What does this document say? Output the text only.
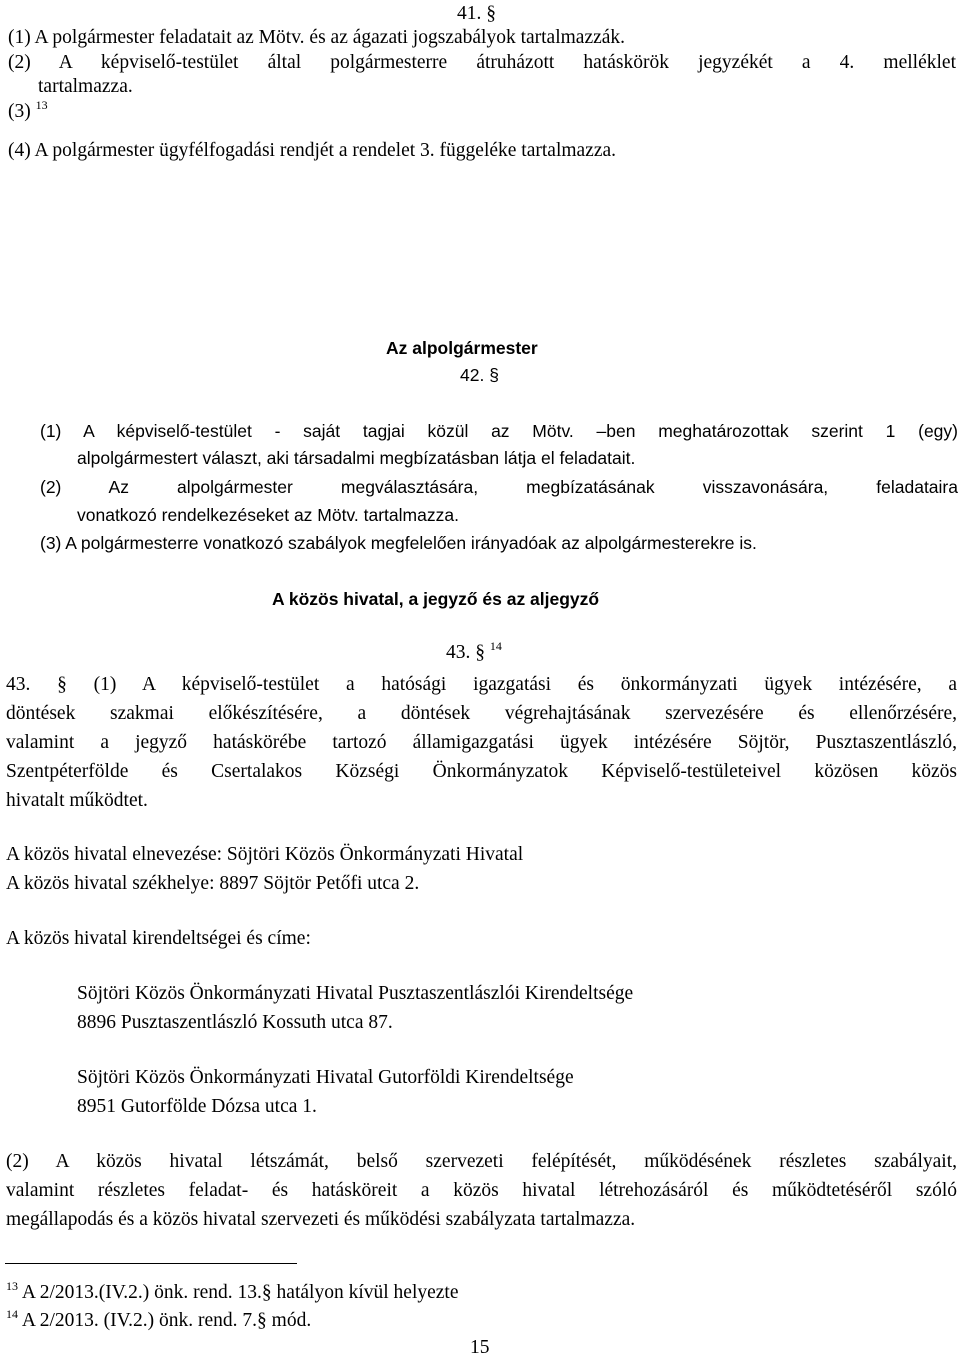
41. §
(1) A polgármester feladatait az Mötv. és az ágazati jogszabályok tartalmazzák.
(2) A képviselő-testület által polgármesterre átruházott hatáskörök jegyzékét a 4. melléklet
tartalmazza.
(3) $^{13}$
(4) A polgármester ügyfélfogadási rendjét a rendelet 3. függeléke tartalmazza.
Az alpolgármester
42. §
(1) A képviselő-testület - saját tagjai közül az Mötv. –ben meghatározottak szerint 1 (egy)
alpolgármestert választ, aki társadalmi megbízatásban látja el feladatait.
(2) Az alpolgármester megválasztására, megbízatásának visszavonására, feladataira
vonatkozó rendelkezéseket az Mötv. tartalmazza.
(3) A polgármesterre vonatkozó szabályok megfelelően irányadóak az alpolgármesterekre is.
A közös hivatal, a jegyző és az aljegyző
43. § $^{14}$
43. § (1) A képviselő-testület a hatósági igazgatási és önkormányzati ügyek intézésére, a
döntések szakmai előkészítésére, a döntések végrehajtásának szervezésére és ellenőrzésére,
valamint a jegyző hatáskörébe tartozó államigazgatási ügyek intézésére Söjtör, Pusztaszentlászló,
Szentpéterfölde és Csertalakos Községi Önkormányzatok Képviselő-testületeivel közösen közös
hivatalt működtet.
A közös hivatal elnevezése: Söjtöri Közös Önkormányzati Hivatal
A közös hivatal székhelye: 8897 Söjtör Petőfi utca 2.
A közös hivatal kirendeltségei és címe:
Söjtöri Közös Önkormányzati Hivatal Pusztaszentlászlói Kirendeltsége
8896 Pusztaszentlászló Kossuth utca 87.
Söjtöri Közös Önkormányzati Hivatal Gutorföldi Kirendeltsége
8951 Gutorfölde Dózsa utca 1.
(2) A közös hivatal létszámát, belső szervezeti felépítését, működésének részletes szabályait,
valamint részletes feladat- és hatásköreit a közös hivatal létrehozásáról és működtetéséről szóló
megállapodás és a közös hivatal szervezeti és működési szabályzata tartalmazza.
$^{13}$ A 2/2013.(IV.2.) önk. rend. 13.§ hatályon kívül helyezte
$^{14}$ A 2/2013. (IV.2.) önk. rend. 7.§ mód.
15
